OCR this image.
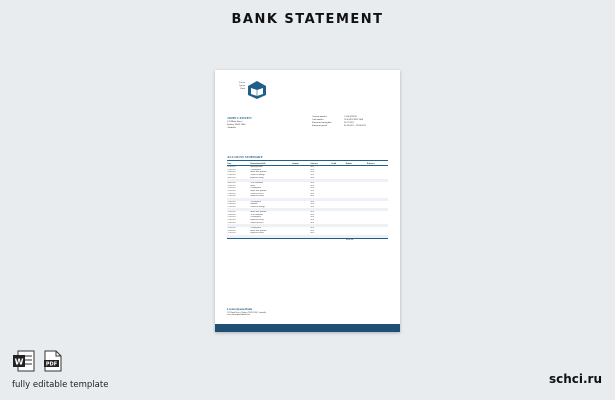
BANK STATEMENT
Lorem
Ipsum
Bank
JOHN CITIZEN
123 Main Street
Sydney NSW 2000
Australia
Account number	1 234 5678 90
Card number	1234 5678 9012 3456
Statement issuing date	01.07.2021
Statement period	01.06.2021 – 30.06.2021
ACCOUNT SUMMARY
Date	Transaction details	Amount	Currency	Credit	Balance	Reference
02.06.2021	Opening balance		AUD			
03.06.2021	Card payment		AUD			
04.06.2021	Online store purchase		AUD			
05.06.2021	Transfer to savings		AUD			
06.06.2021	Payment to utility		AUD			

08.06.2021	ATM withdrawal		AUD			
09.06.2021	Salary		AUD			
10.06.2021	Card payment		AUD			
11.06.2021	Online store purchase		AUD			
12.06.2021	Transfer received		AUD			
13.06.2021	Payment to utility		AUD			

15.06.2021	Card payment		AUD			
16.06.2021	Insurance		AUD			
17.06.2021	Transfer to savings		AUD			

19.06.2021	Online store purchase		AUD			
20.06.2021	ATM withdrawal		AUD			
21.06.2021	Card payment		AUD			
22.06.2021	Payment to utility		AUD			
23.06.2021	Transfer received		AUD			

25.06.2021	Card payment		AUD			
26.06.2021	Online store purchase		AUD			
27.06.2021	Payment to utility		AUD			

					TOTAL	
Lorem Ipsum Bank
123 Bank Street, Sydney NSW 2000, Australia
www.loremipsumbank.com
W	PDF
fully editable template	schci.ru
